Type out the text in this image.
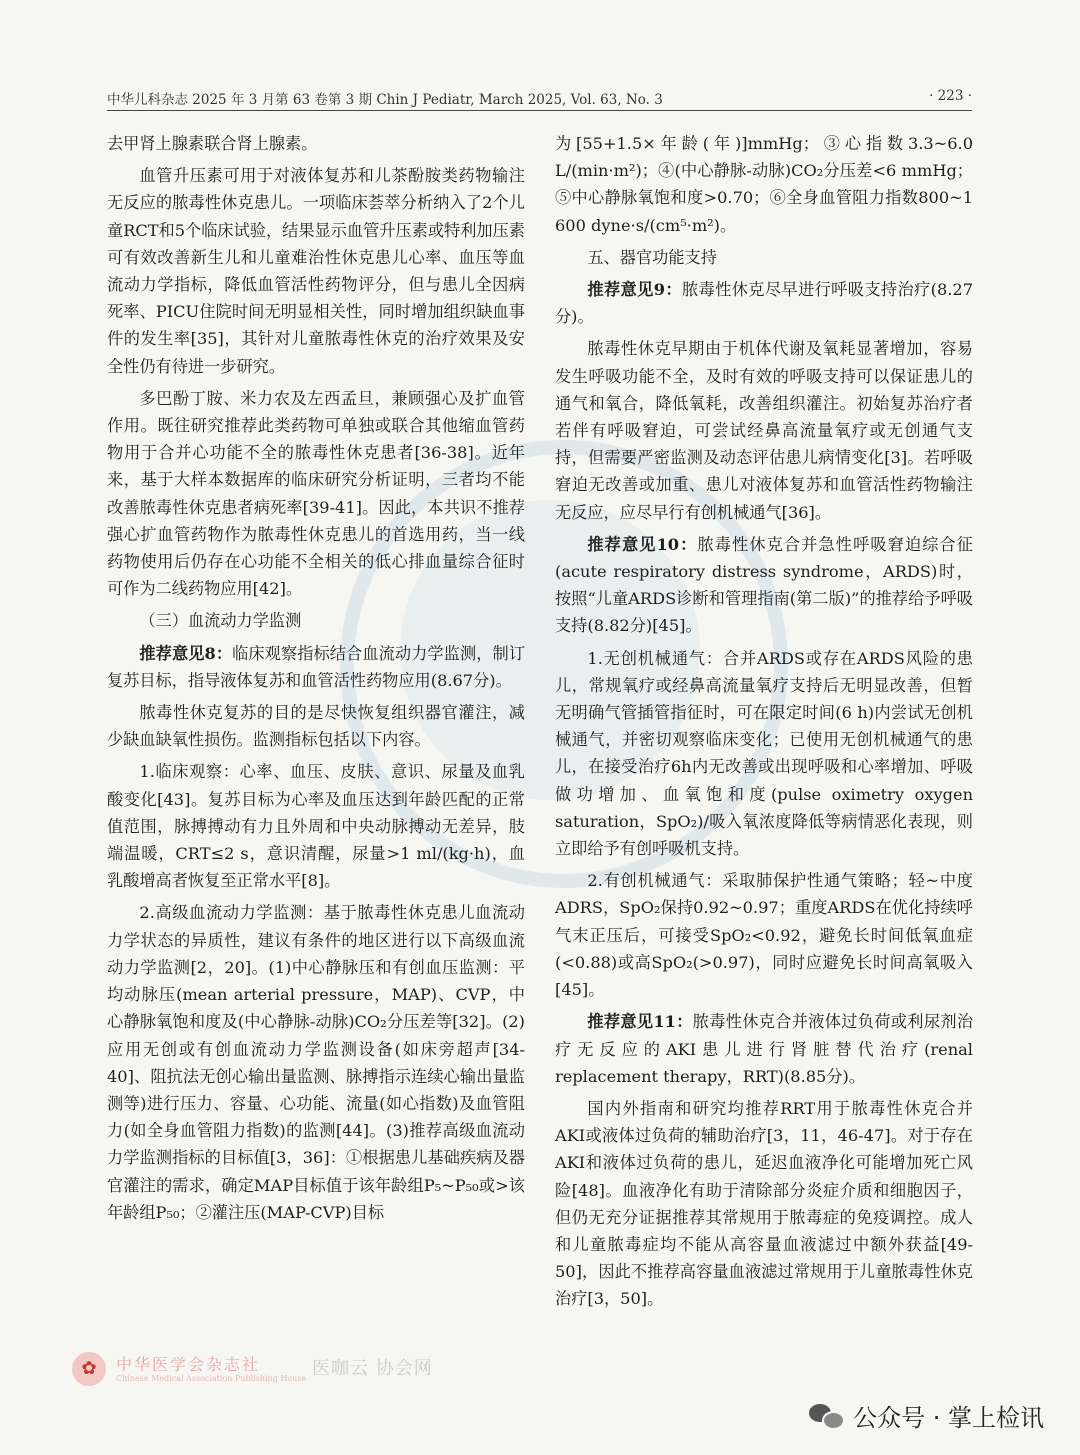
中华儿科杂志 2025 年 3 月第 63 卷第 3 期 Chin J Pediatr, March 2025, Vol. 63, No. 3	· 223 ·

去甲肾上腺素联合肾上腺素。

血管升压素可用于对液体复苏和儿茶酚胺类药物输注无反应的脓毒性休克患儿。一项临床荟萃分析纳入了2个儿童RCT和5个临床试验，结果显示血管升压素或特利加压素可有效改善新生儿和儿童难治性休克患儿心率、血压等血流动力学指标，降低血管活性药物评分，但与患儿全因病死率、PICU住院时间无明显相关性，同时增加组织缺血事件的发生率[35]，其针对儿童脓毒性休克的治疗效果及安全性仍有待进一步研究。

多巴酚丁胺、米力农及左西孟旦，兼顾强心及扩血管作用。既往研究推荐此类药物可单独或联合其他缩血管药物用于合并心功能不全的脓毒性休克患者[36-38]。近年来，基于大样本数据库的临床研究分析证明，三者均不能改善脓毒性休克患者病死率[39-41]。因此，本共识不推荐强心扩血管药物作为脓毒性休克患儿的首选用药，当一线药物使用后仍存在心功能不全相关的低心排血量综合征时可作为二线药物应用[42]。

（三）血流动力学监测

推荐意见8：临床观察指标结合血流动力学监测，制订复苏目标，指导液体复苏和血管活性药物应用(8.67分)。

脓毒性休克复苏的目的是尽快恢复组织器官灌注，减少缺血缺氧性损伤。监测指标包括以下内容。

1.临床观察：心率、血压、皮肤、意识、尿量及血乳酸变化[43]。复苏目标为心率及血压达到年龄匹配的正常值范围，脉搏搏动有力且外周和中央动脉搏动无差异，肢端温暖，CRT≤2 s，意识清醒，尿量>1 ml/(kg·h)，血乳酸增高者恢复至正常水平[8]。

2.高级血流动力学监测：基于脓毒性休克患儿血流动力学状态的异质性，建议有条件的地区进行以下高级血流动力学监测[2，20]。(1)中心静脉压和有创血压监测：平均动脉压(mean arterial pressure，MAP)、CVP，中心静脉氧饱和度及(中心静脉-动脉)CO₂分压差等[32]。(2)应用无创或有创血流动力学监测设备(如床旁超声[34-40]、阻抗法无创心输出量监测、脉搏指示连续心输出量监测等)进行压力、容量、心功能、流量(如心指数)及血管阻力(如全身血管阻力指数)的监测[44]。(3)推荐高级血流动力学监测指标的目标值[3，36]：①根据患儿基础疾病及器官灌注的需求，确定MAP目标值于该年龄组P₅~P₅₀或>该年龄组P₅₀；②灌注压(MAP-CVP)目标

为[55+1.5×年龄(年)]mmHg；③心指数3.3~6.0 L/(min·m²)；④(中心静脉-动脉)CO₂分压差<6 mmHg；⑤中心静脉氧饱和度>0.70；⑥全身血管阻力指数800~1 600 dyne·s/(cm⁵·m²)。

五、器官功能支持

推荐意见9：脓毒性休克尽早进行呼吸支持治疗(8.27分)。

脓毒性休克早期由于机体代谢及氧耗显著增加，容易发生呼吸功能不全，及时有效的呼吸支持可以保证患儿的通气和氧合，降低氧耗，改善组织灌注。初始复苏治疗者若伴有呼吸窘迫，可尝试经鼻高流量氧疗或无创通气支持，但需要严密监测及动态评估患儿病情变化[3]。若呼吸窘迫无改善或加重、患儿对液体复苏和血管活性药物输注无反应，应尽早行有创机械通气[36]。

推荐意见10：脓毒性休克合并急性呼吸窘迫综合征(acute respiratory distress syndrome，ARDS)时，按照“儿童ARDS诊断和管理指南(第二版)”的推荐给予呼吸支持(8.82分)[45]。

1.无创机械通气：合并ARDS或存在ARDS风险的患儿，常规氧疗或经鼻高流量氧疗支持后无明显改善，但暂无明确气管插管指征时，可在限定时间(6 h)内尝试无创机械通气，并密切观察临床变化；已使用无创机械通气的患儿，在接受治疗6h内无改善或出现呼吸和心率增加、呼吸做功增加、血氧饱和度(pulse oximetry oxygen saturation，SpO₂)/吸入氧浓度降低等病情恶化表现，则立即给予有创呼吸机支持。

2.有创机械通气：采取肺保护性通气策略；轻~中度ADRS，SpO₂保持0.92~0.97；重度ARDS在优化持续呼气末正压后，可接受SpO₂<0.92，避免长时间低氧血症(<0.88)或高SpO₂(>0.97)，同时应避免长时间高氧吸入[45]。

推荐意见11：脓毒性休克合并液体过负荷或利尿剂治疗无反应的AKI患儿进行肾脏替代治疗(renal replacement therapy，RRT)(8.85分)。

国内外指南和研究均推荐RRT用于脓毒性休克合并AKI或液体过负荷的辅助治疗[3，11，46-47]。对于存在AKI和液体过负荷的患儿，延迟血液净化可能增加死亡风险[48]。血液净化有助于清除部分炎症介质和细胞因子，但仍无充分证据推荐其常规用于脓毒症的免疫调控。成人和儿童脓毒症均不能从高容量血液滤过中额外获益[49-50]，因此不推荐高容量血液滤过常规用于儿童脓毒性休克治疗[3，50]。

✿	中华医学会杂志社
Chinese Medical Association Publishing House 医咖云 协会网
公众号 · 掌上检讯
